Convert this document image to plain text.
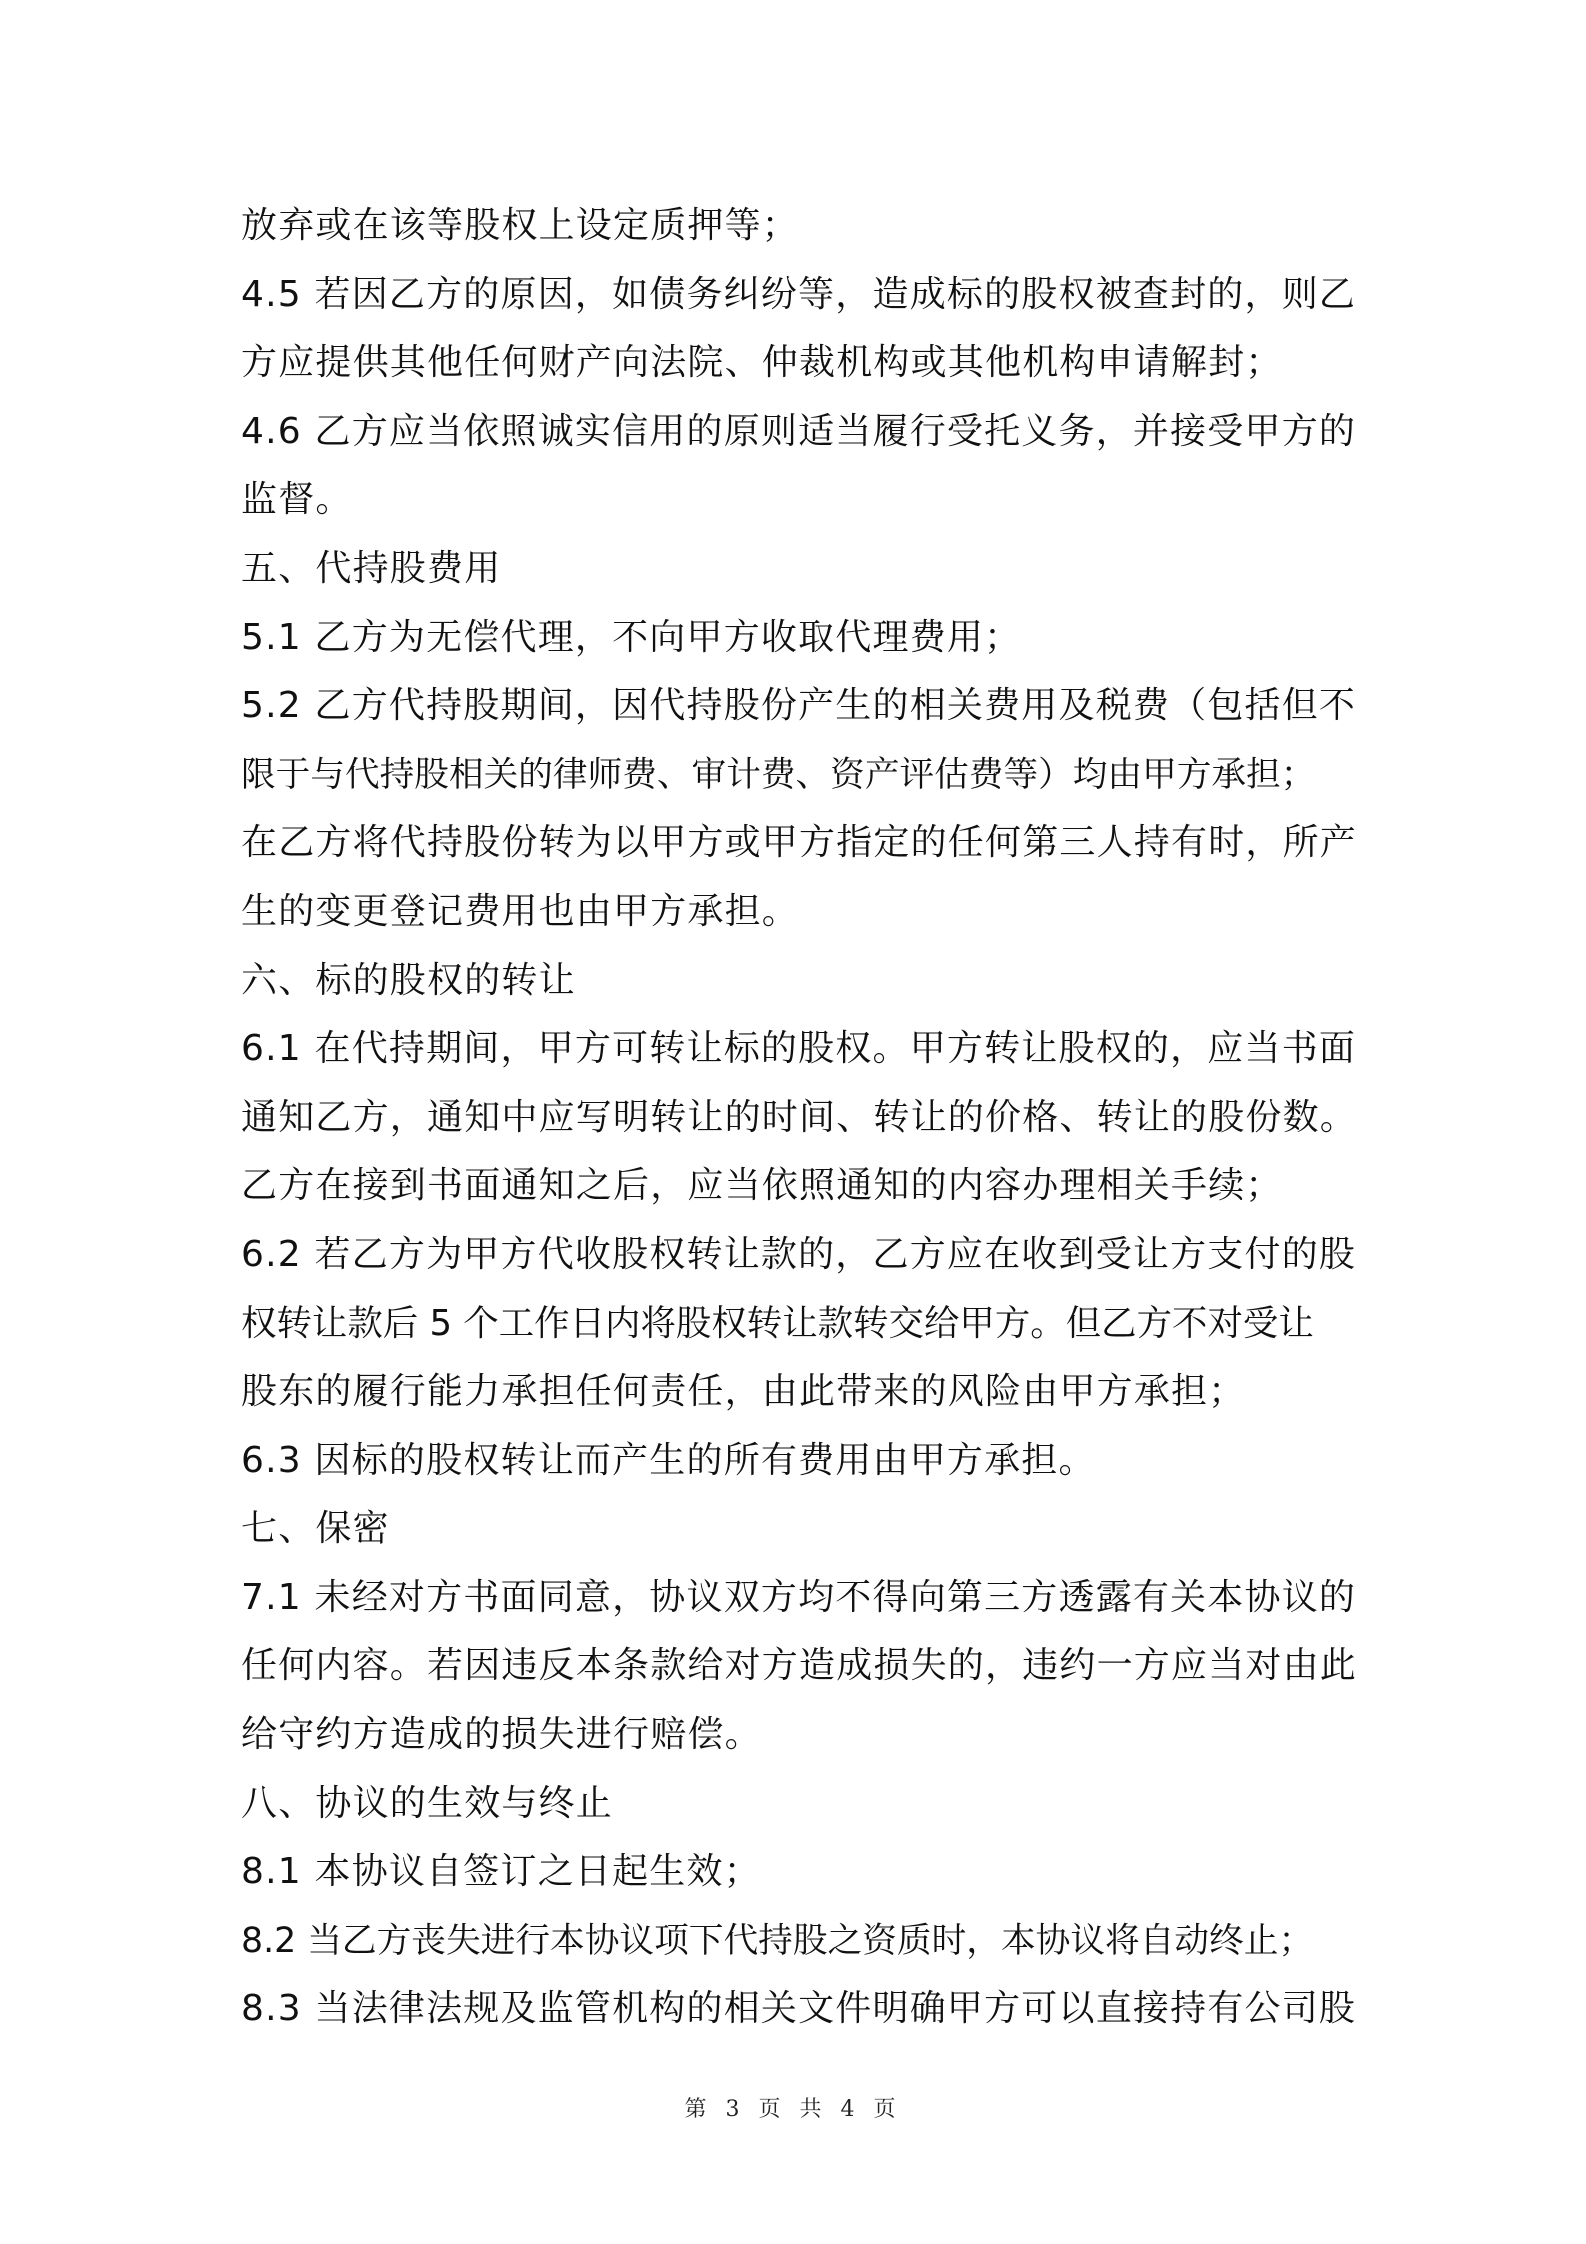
放弃或在该等股权上设定质押等；
4.5 若因乙方的原因，如债务纠纷等，造成标的股权被查封的，则乙
方应提供其他任何财产向法院、仲裁机构或其他机构申请解封；
4.6 乙方应当依照诚实信用的原则适当履行受托义务，并接受甲方的
监督。
五、代持股费用
5.1 乙方为无偿代理，不向甲方收取代理费用；
5.2 乙方代持股期间，因代持股份产生的相关费用及税费（包括但不
限于与代持股相关的律师费、审计费、资产评估费等）均由甲方承担；
在乙方将代持股份转为以甲方或甲方指定的任何第三人持有时，所产
生的变更登记费用也由甲方承担。
六、标的股权的转让
6.1 在代持期间，甲方可转让标的股权。甲方转让股权的，应当书面
通知乙方，通知中应写明转让的时间、转让的价格、转让的股份数。
乙方在接到书面通知之后，应当依照通知的内容办理相关手续；
6.2 若乙方为甲方代收股权转让款的，乙方应在收到受让方支付的股
权转让款后 5 个工作日内将股权转让款转交给甲方。但乙方不对受让
股东的履行能力承担任何责任，由此带来的风险由甲方承担；
6.3 因标的股权转让而产生的所有费用由甲方承担。
七、保密
7.1 未经对方书面同意，协议双方均不得向第三方透露有关本协议的
任何内容。若因违反本条款给对方造成损失的，违约一方应当对由此
给守约方造成的损失进行赔偿。
八、协议的生效与终止
8.1 本协议自签订之日起生效；
8.2 当乙方丧失进行本协议项下代持股之资质时，本协议将自动终止；
8.3 当法律法规及监管机构的相关文件明确甲方可以直接持有公司股
第 3 页 共 4 页
